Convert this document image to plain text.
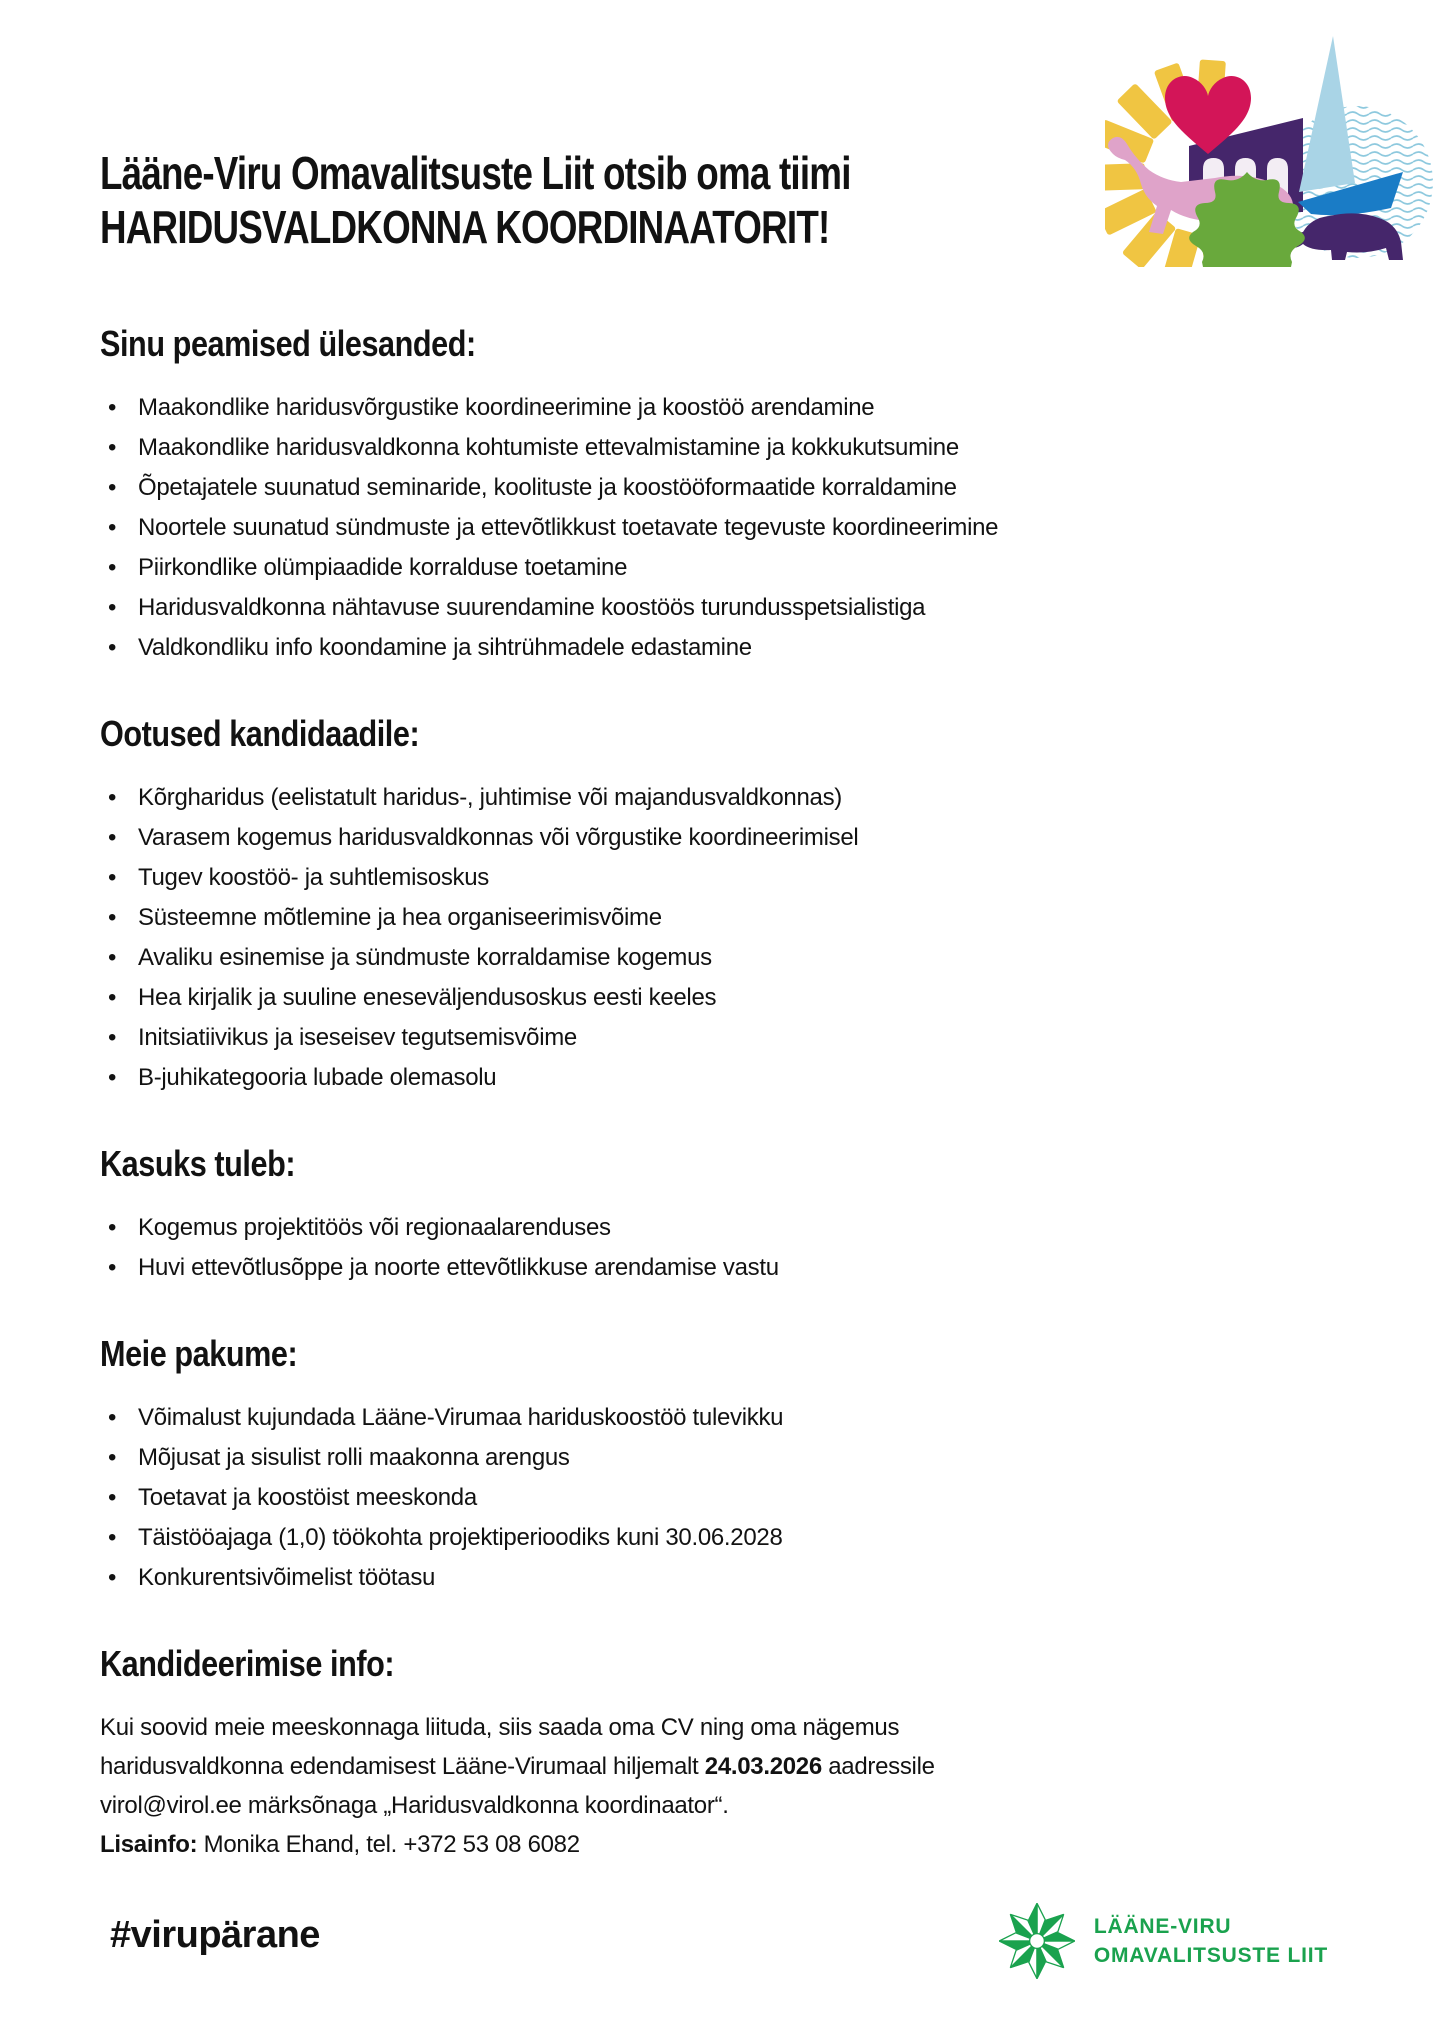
Lääne-Viru Omavalitsuste Liit otsib oma tiimi
HARIDUSVALDKONNA KOORDINAATORIT!
Sinu peamised ülesanded:
• Maakondlike haridusvõrgustike koordineerimine ja koostöö arendamine
• Maakondlike haridusvaldkonna kohtumiste ettevalmistamine ja kokkukutsumine
• Õpetajatele suunatud seminaride, koolituste ja koostööformaatide korraldamine
• Noortele suunatud sündmuste ja ettevõtlikkust toetavate tegevuste koordineerimine
• Piirkondlike olümpiaadide korralduse toetamine
• Haridusvaldkonna nähtavuse suurendamine koostöös turundusspetsialistiga
• Valdkondliku info koondamine ja sihtrühmadele edastamine
Ootused kandidaadile:
• Kõrgharidus (eelistatult haridus-, juhtimise või majandusvaldkonnas)
• Varasem kogemus haridusvaldkonnas või võrgustike koordineerimisel
• Tugev koostöö- ja suhtlemisoskus
• Süsteemne mõtlemine ja hea organiseerimisvõime
• Avaliku esinemise ja sündmuste korraldamise kogemus
• Hea kirjalik ja suuline eneseväljendusoskus eesti keeles
• Initsiatiivikus ja iseseisev tegutsemisvõime
• B-juhikategooria lubade olemasolu
Kasuks tuleb:
• Kogemus projektitöös või regionaalarenduses
• Huvi ettevõtlusõppe ja noorte ettevõtlikkuse arendamise vastu
Meie pakume:
• Võimalust kujundada Lääne-Virumaa hariduskoostöö tulevikku
• Mõjusat ja sisulist rolli maakonna arengus
• Toetavat ja koostöist meeskonda
• Täistööajaga (1,0) töökohta projektiperioodiks kuni 30.06.2028
• Konkurentsivõimelist töötasu
Kandideerimise info:
Kui soovid meie meeskonnaga liituda, siis saada oma CV ning oma nägemus
haridusvaldkonna edendamisest Lääne-Virumaal hiljemalt 24.03.2026 aadressile
virol@virol.ee märksõnaga „Haridusvaldkonna koordinaator“.
Lisainfo: Monika Ehand, tel. +372 53 08 6082
#virupärane	LÄÄNE-VIRU
OMAVALITSUSTE LIIT
